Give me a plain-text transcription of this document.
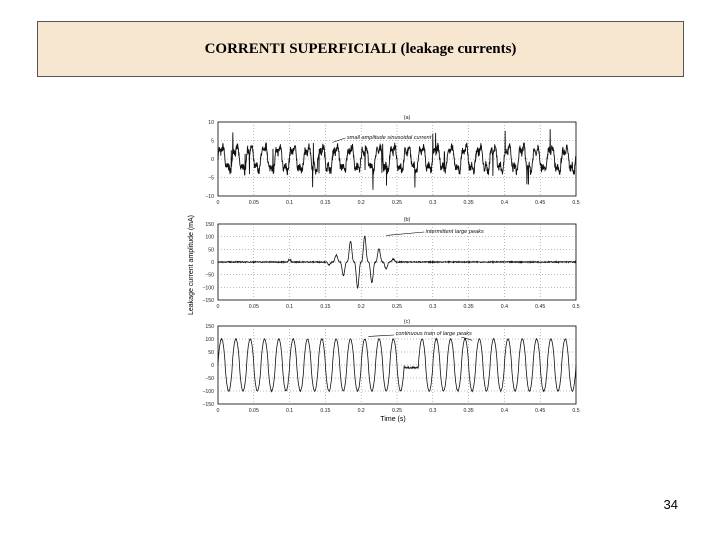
CORRENTI SUPERFICIALI (leakage currents)
0	0.05	0.1	0.15	0.2	0.25	0.3	0.35	0.4	0.45	0.5
10
5
0
−5
−10
(a)
small amplitude sinusoidal current
0	0.05	0.1	0.15	0.2	0.25	0.3	0.35	0.4	0.45	0.5
150
100
50
0
−50
−100
−150
(b)
intermittent large peaks
0	0.05	0.1	0.15	0.2	0.25	0.3	0.35	0.4	0.45	0.5
150
100
50
0
−50
−100
−150
(c)
continuous train of large peaks
Leakage current amplitude (mA)
Time (s)
34
